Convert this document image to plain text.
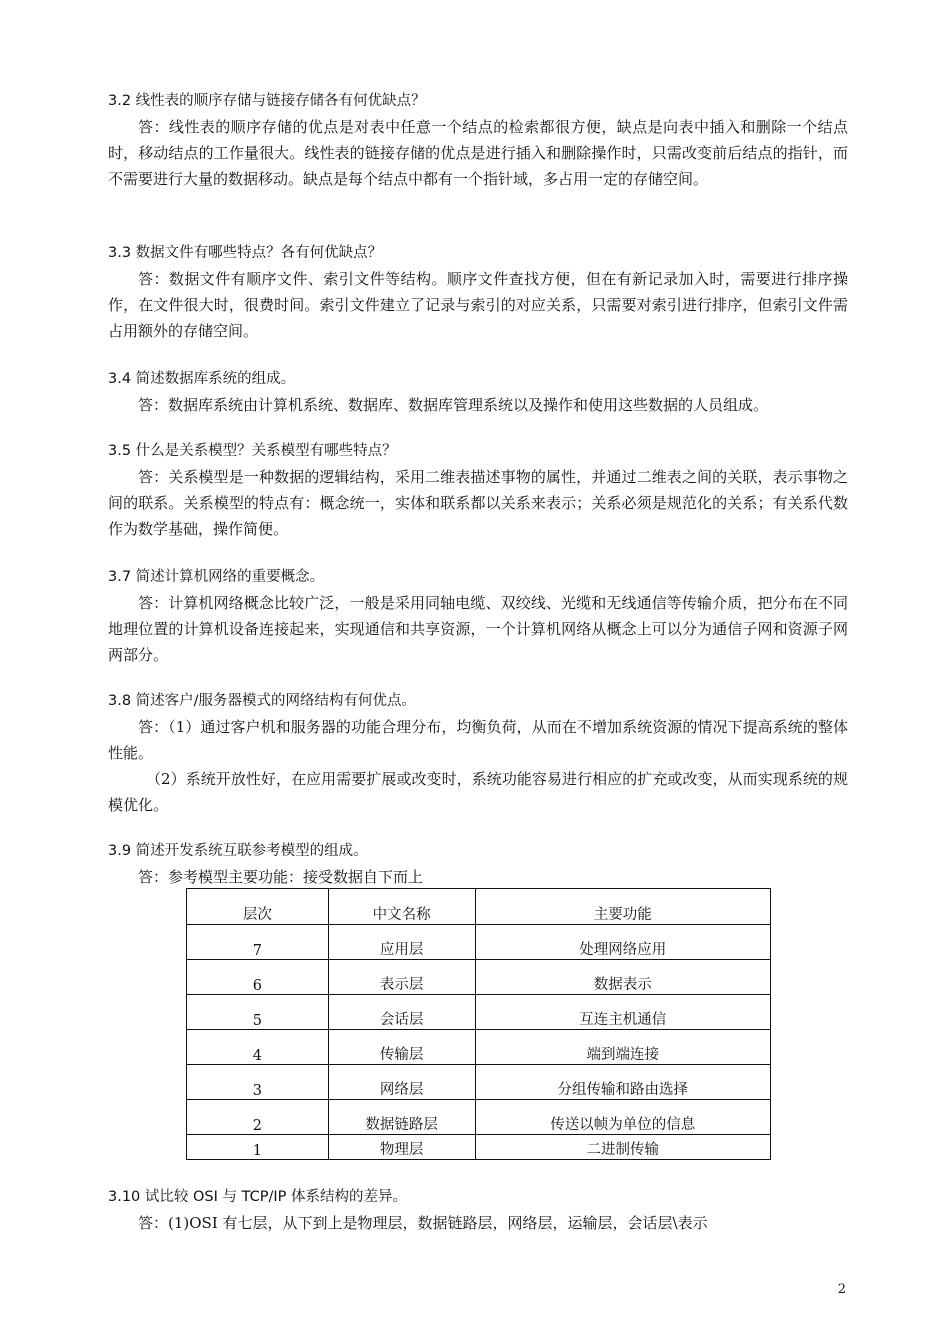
3.2 线性表的顺序存储与链接存储各有何优缺点？
答：线性表的顺序存储的优点是对表中任意一个结点的检索都很方便，缺点是向表中插入和删除一个结点时，移动结点的工作量很大。线性表的链接存储的优点是进行插入和删除操作时，只需改变前后结点的指针，而不需要进行大量的数据移动。缺点是每个结点中都有一个指针域，多占用一定的存储空间。
3.3 数据文件有哪些特点？各有何优缺点？
答：数据文件有顺序文件、索引文件等结构。顺序文件查找方便，但在有新记录加入时，需要进行排序操作，在文件很大时，很费时间。索引文件建立了记录与索引的对应关系，只需要对索引进行排序，但索引文件需占用额外的存储空间。
3.4 简述数据库系统的组成。
答：数据库系统由计算机系统、数据库、数据库管理系统以及操作和使用这些数据的人员组成。
3.5 什么是关系模型？关系模型有哪些特点？
答：关系模型是一种数据的逻辑结构，采用二维表描述事物的属性，并通过二维表之间的关联，表示事物之间的联系。关系模型的特点有：概念统一，实体和联系都以关系来表示；关系必须是规范化的关系；有关系代数作为数学基础，操作简便。
3.7 简述计算机网络的重要概念。
答：计算机网络概念比较广泛，一般是采用同轴电缆、双绞线、光缆和无线通信等传输介质，把分布在不同地理位置的计算机设备连接起来，实现通信和共享资源，一个计算机网络从概念上可以分为通信子网和资源子网两部分。
3.8 简述客户/服务器模式的网络结构有何优点。
答：（1）通过客户机和服务器的功能合理分布，均衡负荷，从而在不增加系统资源的情况下提高系统的整体性能。
（2）系统开放性好，在应用需要扩展或改变时，系统功能容易进行相应的扩充或改变，从而实现系统的规模优化。
3.9 简述开发系统互联参考模型的组成。
答：参考模型主要功能：接受数据自下而上
层次	中文名称	主要功能
7	应用层	处理网络应用
6	表示层	数据表示
5	会话层	互连主机通信
4	传输层	端到端连接
3	网络层	分组传输和路由选择
2	数据链路层	传送以帧为单位的信息
1	物理层	二进制传输
3.10 试比较 OSI 与 TCP/IP 体系结构的差异。
答：(1)OSI 有七层，从下到上是物理层，数据链路层，网络层，运输层，会话层\表示
2
